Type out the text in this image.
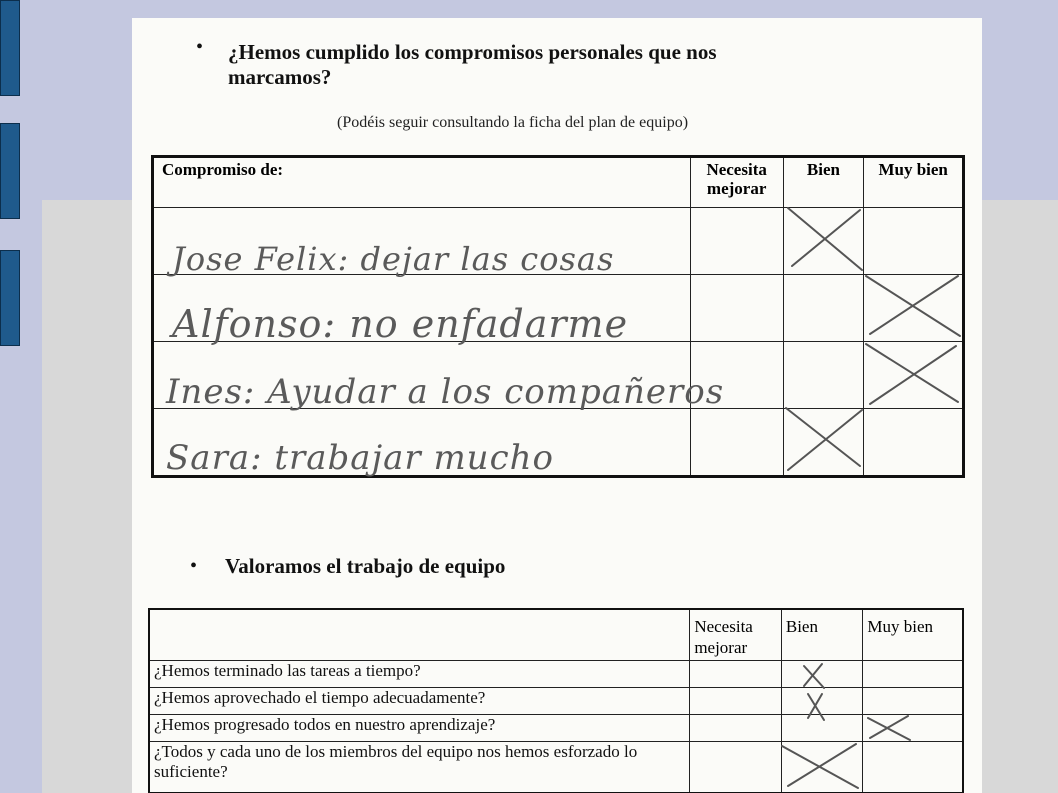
• ¿Hemos cumplido los compromisos personales que nos
marcamos?
(Podéis seguir consultando la ficha del plan de equipo)
Compromiso de:	Necesita mejorar	Bien	Muy bien

Jose Felix: dejar las cosas
Alfonso: no enfadarme
Ines: Ayudar a los compañeros
Sara: trabajar mucho
• Valoramos el trabajo de equipo
	Necesita mejorar	Bien	Muy bien
¿Hemos terminado las tareas a tiempo?			
¿Hemos aprovechado el tiempo adecuadamente?			
¿Hemos progresado todos en nuestro aprendizaje?			
¿Todos y cada uno de los miembros del equipo nos hemos esforzado lo suficiente?			
